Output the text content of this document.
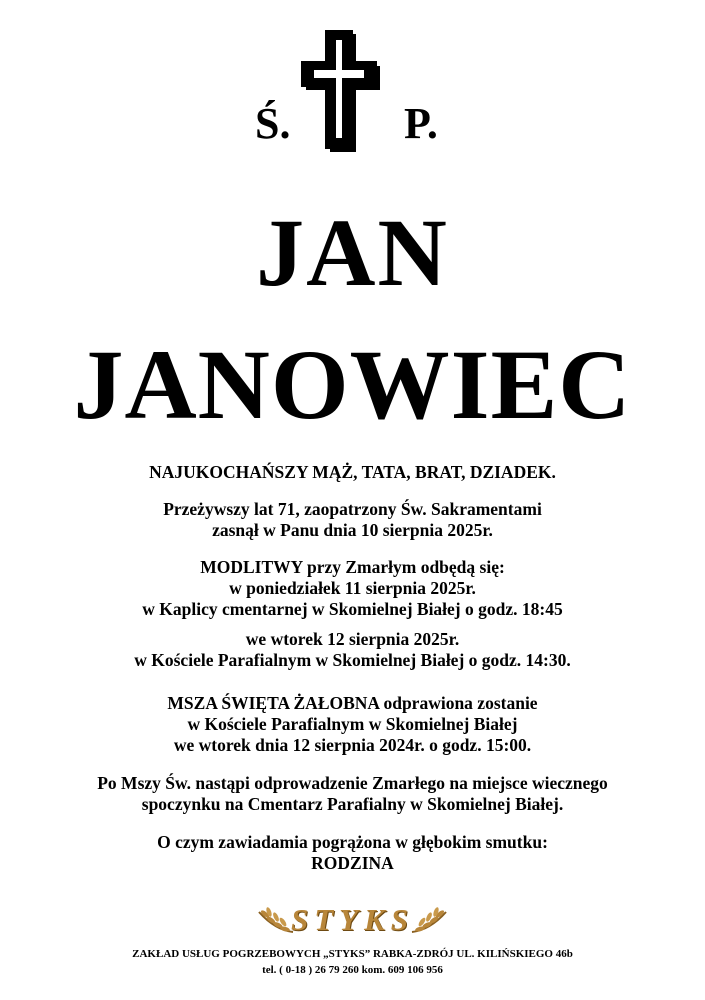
Ś.	P.
JAN
JANOWIEC
NAJUKOCHAŃSZY MĄŻ, TATA, BRAT, DZIADEK.
Przeżywszy lat 71, zaopatrzony Św. Sakramentami
zasnął w Panu dnia 10 sierpnia 2025r.
MODLITWY przy Zmarłym odbędą się:
w poniedziałek 11 sierpnia 2025r.
w Kaplicy cmentarnej w Skomielnej Białej o godz. 18:45
we wtorek 12 sierpnia 2025r.
w Kościele Parafialnym w Skomielnej Białej o godz. 14:30.
MSZA ŚWIĘTA ŻAŁOBNA odprawiona zostanie
w Kościele Parafialnym w Skomielnej Białej
we wtorek dnia 12 sierpnia 2024r. o godz. 15:00.
Po Mszy Św. nastąpi odprowadzenie Zmarłego na miejsce wiecznego
spoczynku na Cmentarz Parafialny w Skomielnej Białej.
O czym zawiadamia pogrążona w głębokim smutku:
RODZINA
STYKS
ZAKŁAD USŁUG POGRZEBOWYCH „STYKS” RABKA-ZDRÓJ UL. KILIŃSKIEGO 46b
tel. ( 0-18 ) 26 79 260 kom. 609 106 956
